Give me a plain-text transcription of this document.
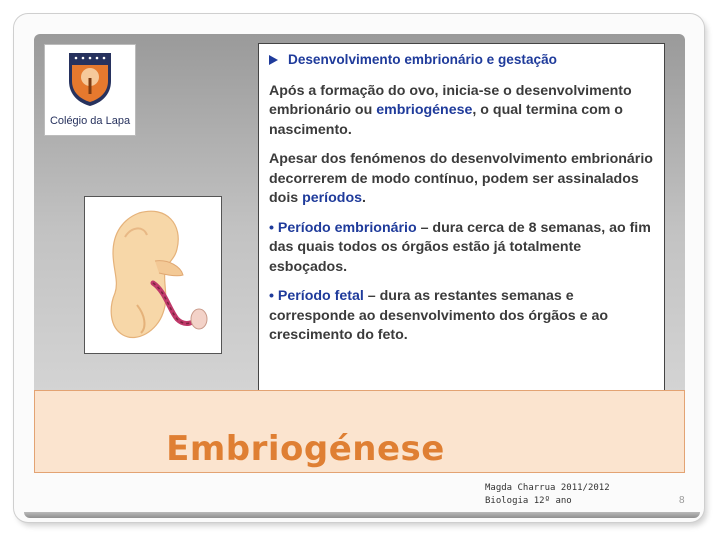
Colégio da Lapa
Desenvolvimento embrionário e gestação

Após a formação do ovo, inicia-se o desenvolvimento embrionário ou embriogénese, o qual termina com o nascimento.

Apesar dos fenómenos do desenvolvimento embrionário decorrerem de modo contínuo, podem ser assinalados dois períodos.

• Período embrionário – dura cerca de 8 semanas, ao fim das quais todos os órgãos estão já totalmente esboçados.

• Período fetal – dura as restantes semanas e corresponde ao desenvolvimento dos órgãos e ao crescimento do feto.

Embriogénese
Magda Charrua 2011/2012
Biologia 12º ano	8
